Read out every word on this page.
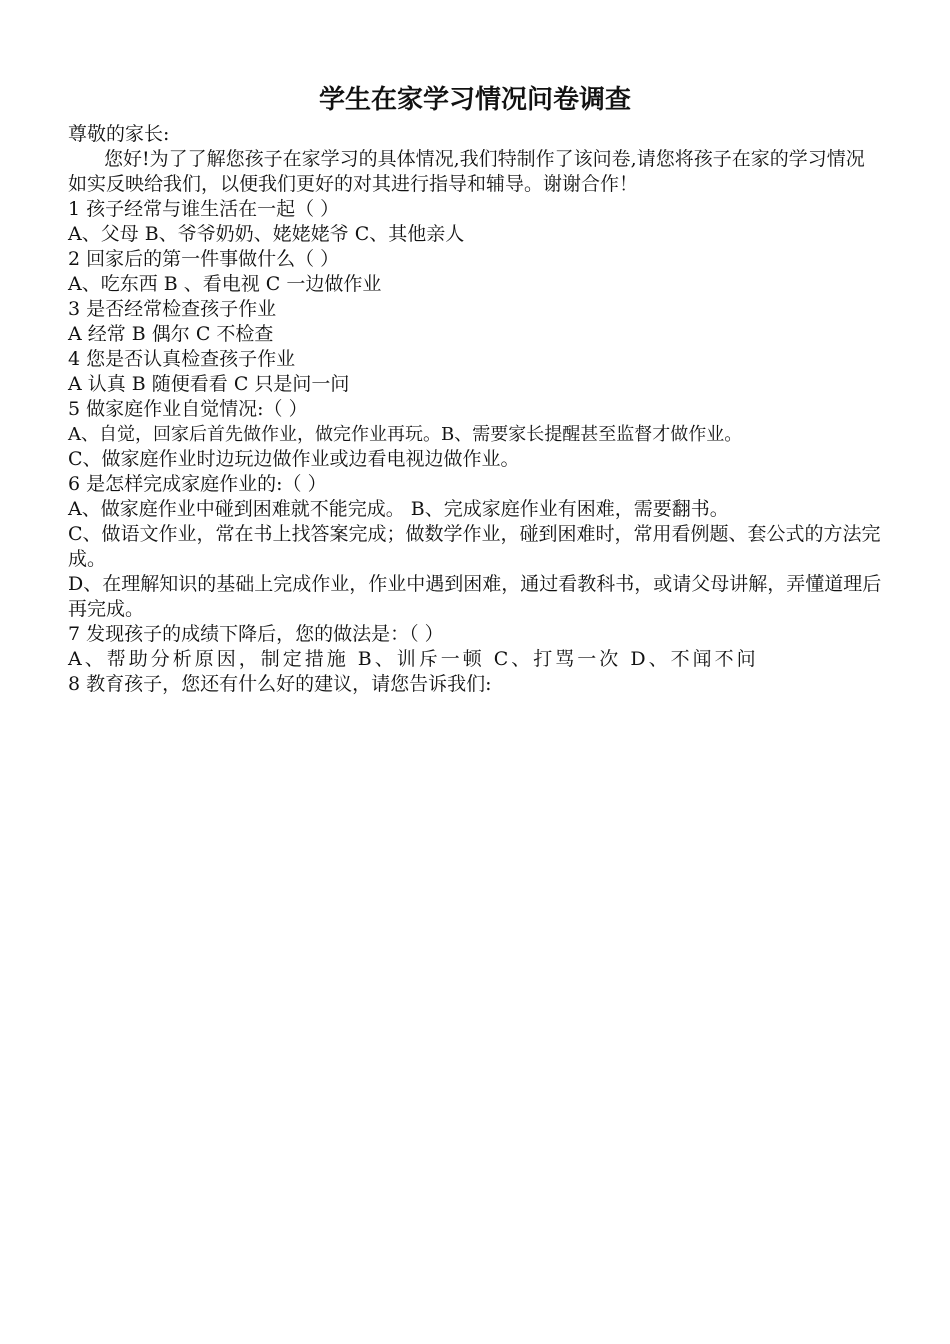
学生在家学习情况问卷调查
尊敬的家长:
您好!为了了解您孩子在家学习的具体情况,我们特制作了该问卷,请您将孩子在家的学习情况如实反映给我们，以便我们更好的对其进行指导和辅导。谢谢合作！
1 孩子经常与谁生活在一起（ ）
A、父母 B、爷爷奶奶、姥姥姥爷 C、其他亲人
2 回家后的第一件事做什么（ ）
A、吃东西 B 、看电视 C 一边做作业
3 是否经常检查孩子作业
A 经常 B 偶尔 C 不检查
4 您是否认真检查孩子作业
A 认真 B 随便看看 C 只是问一问
5 做家庭作业自觉情况:（ ）
A、自觉，回家后首先做作业，做完作业再玩。B、需要家长提醒甚至监督才做作业。
C、做家庭作业时边玩边做作业或边看电视边做作业。
6 是怎样完成家庭作业的:（ ）
A、做家庭作业中碰到困难就不能完成。 B、完成家庭作业有困难，需要翻书。
C、做语文作业，常在书上找答案完成；做数学作业，碰到困难时，常用看例题、套公式的方法完成。
D、在理解知识的基础上完成作业，作业中遇到困难，通过看教科书，或请父母讲解，弄懂道理后再完成。
7 发现孩子的成绩下降后，您的做法是：（ ）
A、帮助分析原因，制定措施 B、训斥一顿 C、打骂一次 D、不闻不问
8 教育孩子，您还有什么好的建议，请您告诉我们:
